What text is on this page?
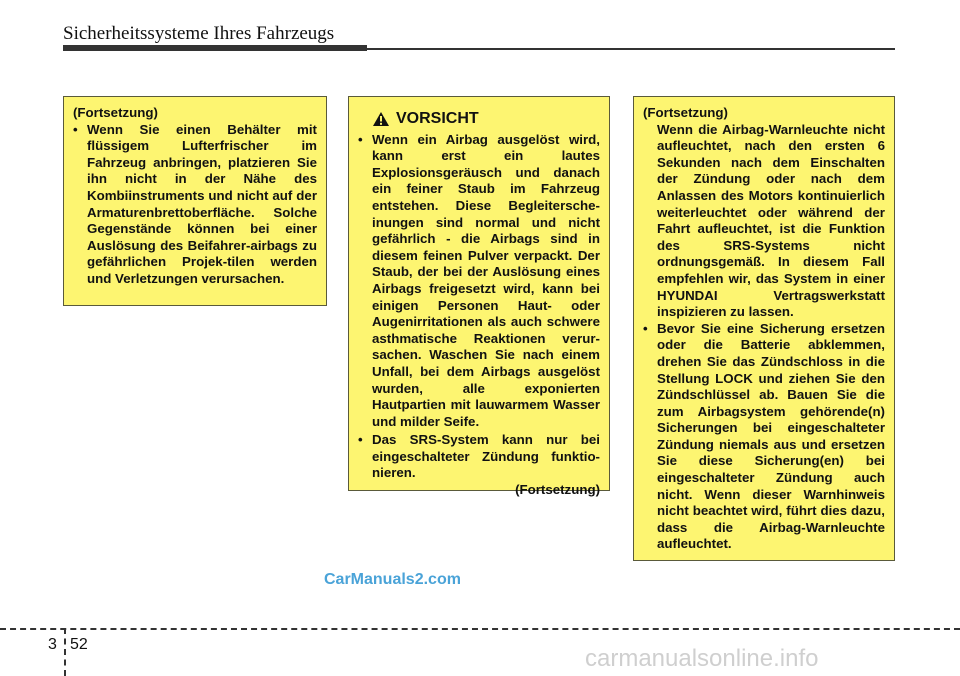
Sicherheitssysteme Ihres Fahrzeugs

(Fortsetzung)

• Wenn Sie einen Behälter mit flüssigem Lufterfrischer im Fahrzeug anbringen, platzieren Sie ihn nicht in der Nähe des Kombiinstruments und nicht auf der Armaturenbrettoberfläche. Solche Gegenstände können bei einer Auslösung des Beifahrer-airbags zu gefährlichen Projek-tilen werden und Verletzungen verursachen.
VORSICHT
• Wenn ein Airbag ausgelöst wird, kann erst ein lautes Explosionsgeräusch und danach ein feiner Staub im Fahrzeug entstehen. Diese Begleitersche-inungen sind normal und nicht gefährlich - die Airbags sind in diesem feinen Pulver verpackt. Der Staub, der bei der Auslösung eines Airbags freigesetzt wird, kann bei einigen Personen Haut- oder Augenirritationen als auch schwere asthmatische Reaktionen verur-sachen. Waschen Sie nach einem Unfall, bei dem Airbags ausgelöst wurden, alle exponierten Hautpartien mit lauwarmem Wasser und milder Seife.
• Das SRS-System kann nur bei eingeschalteter Zündung funktio-nieren.

(Fortsetzung)

(Fortsetzung)

Wenn die Airbag-Warnleuchte nicht aufleuchtet, nach den ersten 6 Sekunden nach dem Einschalten der Zündung oder nach dem Anlassen des Motors kontinuierlich weiterleuchtet oder während der Fahrt aufleuchtet, ist die Funktion des SRS-Systems nicht ordnungsgemäß. In diesem Fall empfehlen wir, das System in einer HYUNDAI Vertragswerkstatt inspizieren zu lassen.

• Bevor Sie eine Sicherung ersetzen oder die Batterie abklemmen, drehen Sie das Zündschloss in die Stellung LOCK und ziehen Sie den Zündschlüssel ab. Bauen Sie die zum Airbagsystem gehörende(n) Sicherungen bei eingeschalteter Zündung niemals aus und ersetzen Sie diese Sicherung(en) bei eingeschalteter Zündung auch nicht. Wenn dieser Warnhinweis nicht beachtet wird, führt dies dazu, dass die Airbag-Warnleuchte aufleuchtet.
CarManuals2.com
3 52
carmanualsonline.info
